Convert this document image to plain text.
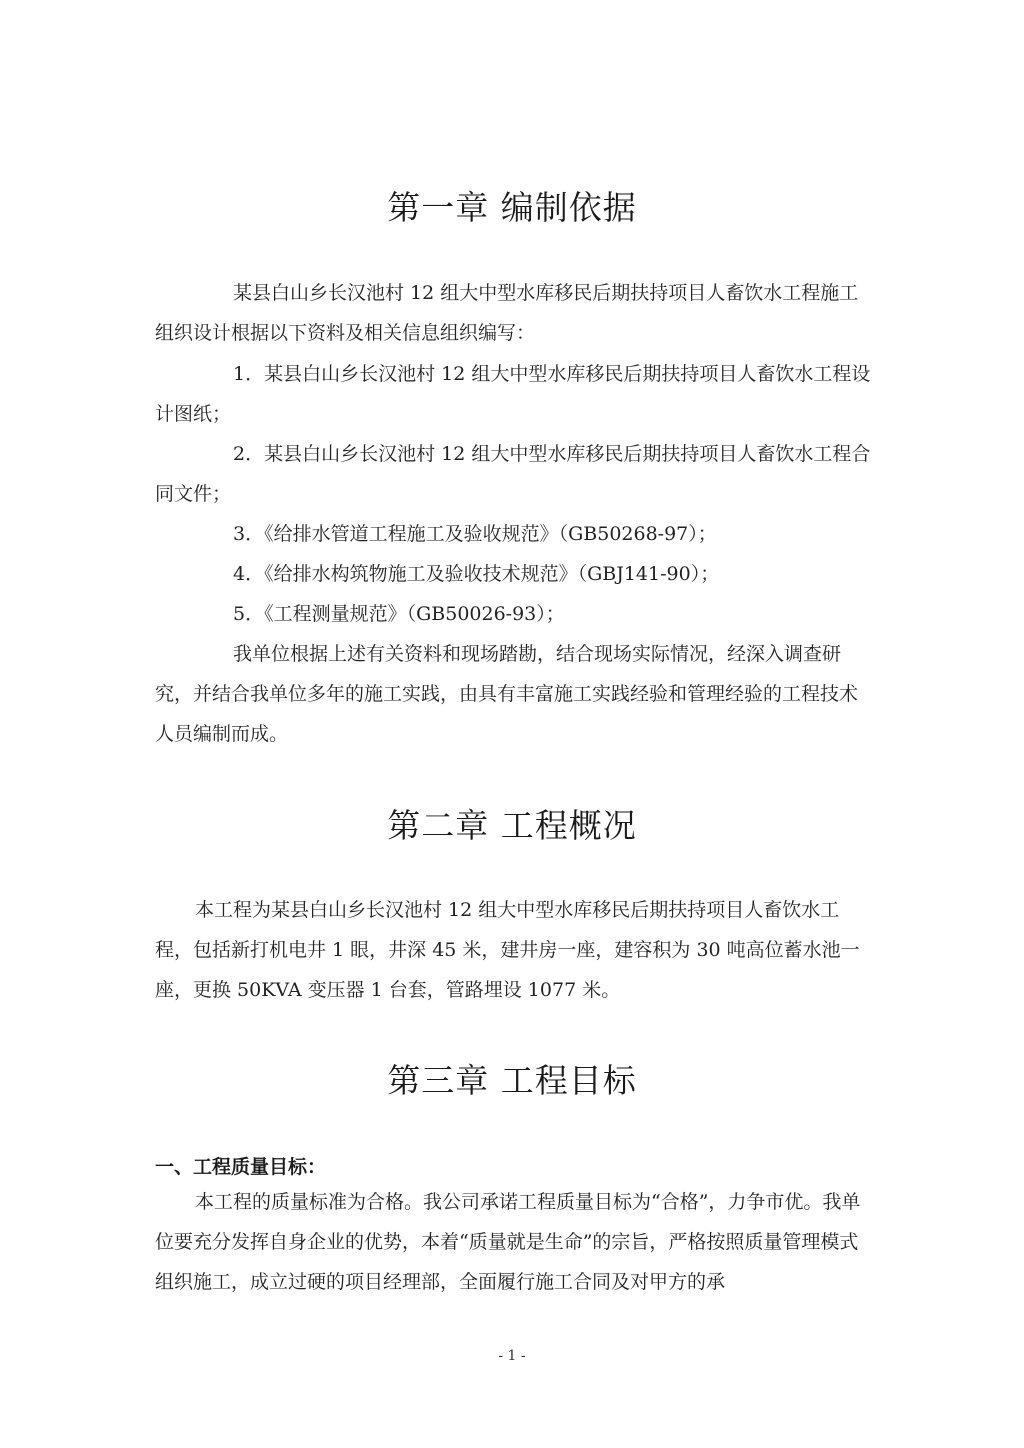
第一章 编制依据

某县白山乡长汉池村 12 组大中型水库移民后期扶持项目人畜饮水工程施工组织设计根据以下资料及相关信息组织编写：

1．某县白山乡长汉池村 12 组大中型水库移民后期扶持项目人畜饮水工程设计图纸；

2．某县白山乡长汉池村 12 组大中型水库移民后期扶持项目人畜饮水工程合同文件；

3．《给排水管道工程施工及验收规范》（GB50268-97）；

4．《给排水构筑物施工及验收技术规范》（GBJ141-90）；

5．《工程测量规范》（GB50026-93）；

我单位根据上述有关资料和现场踏勘，结合现场实际情况，经深入调查研究，并结合我单位多年的施工实践，由具有丰富施工实践经验和管理经验的工程技术人员编制而成。

第二章 工程概况

本工程为某县白山乡长汉池村 12 组大中型水库移民后期扶持项目人畜饮水工程，包括新打机电井 1 眼，井深 45 米，建井房一座，建容积为 30 吨高位蓄水池一座，更换 50KVA 变压器 1 台套，管路埋设 1077 米。

第三章 工程目标
一、工程质量目标：

本工程的质量标准为合格。我公司承诺工程质量目标为“合格”，力争市优。我单位要充分发挥自身企业的优势，本着“质量就是生命”的宗旨，严格按照质量管理模式组织施工，成立过硬的项目经理部，全面履行施工合同及对甲方的承

- 1 -
